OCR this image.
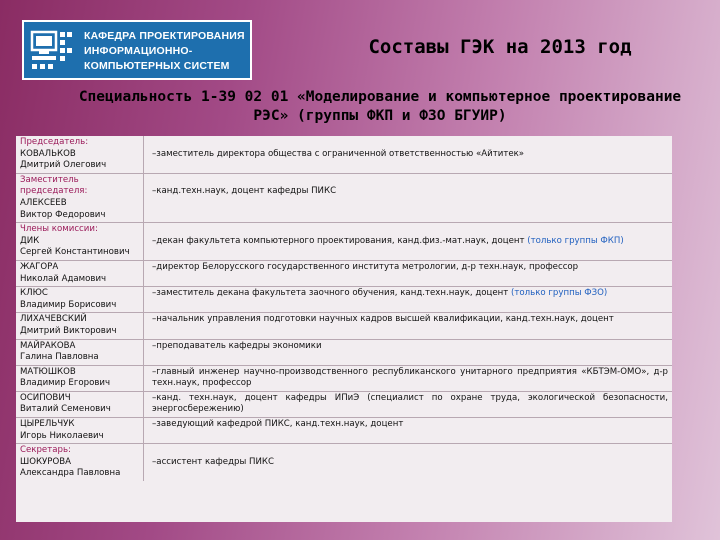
КАФЕДРА ПРОЕКТИРОВАНИЯ
ИНФОРМАЦИОННО-
КОМПЬЮТЕРНЫХ СИСТЕМ
Составы ГЭК на 2013 год
Специальность 1-39 02 01 «Моделирование и компьютерное проектирование РЭС» (группы ФКП и ФЗО БГУИР)
Председатель:
КОВАЛЬКОВ
Дмитрий Олегович
–заместитель директора общества с ограниченной ответственностью «Айтитек»
Заместитель председателя:
АЛЕКСЕЕВ
Виктор Федорович
–канд.техн.наук, доцент кафедры ПИКС
Члены комиссии:
ДИК
Сергей Константинович
–декан факультета компьютерного проектирования, канд.физ.-мат.наук, доцент (только группы ФКП)
ЖАГОРА
Николай Адамович
–директор Белорусского государственного института метрологии, д-р техн.наук, профессор
КЛЮС
Владимир Борисович
–заместитель декана факультета заочного обучения, канд.техн.наук, доцент (только группы ФЗО)
ЛИХАЧЕВСКИЙ
Дмитрий Викторович
–начальник управления подготовки научных кадров высшей квалификации, канд.техн.наук, доцент
МАЙРАКОВА
Галина Павловна
–преподаватель кафедры экономики
МАТЮШКОВ
Владимир Егорович
–главный инженер научно-производственного республиканского унитарного предприятия «КБТЭМ-ОМО», д-р техн.наук, профессор
ОСИПОВИЧ
Виталий Семенович
–канд. техн.наук, доцент кафедры ИПиЭ (специалист по охране труда, экологической безопасности, энергосбережению)
ЦЫРЕЛЬЧУК
Игорь Николаевич
–заведующий кафедрой ПИКС, канд.техн.наук, доцент
Секретарь:
ШОКУРОВА
Александра Павловна
–ассистент кафедры ПИКС
